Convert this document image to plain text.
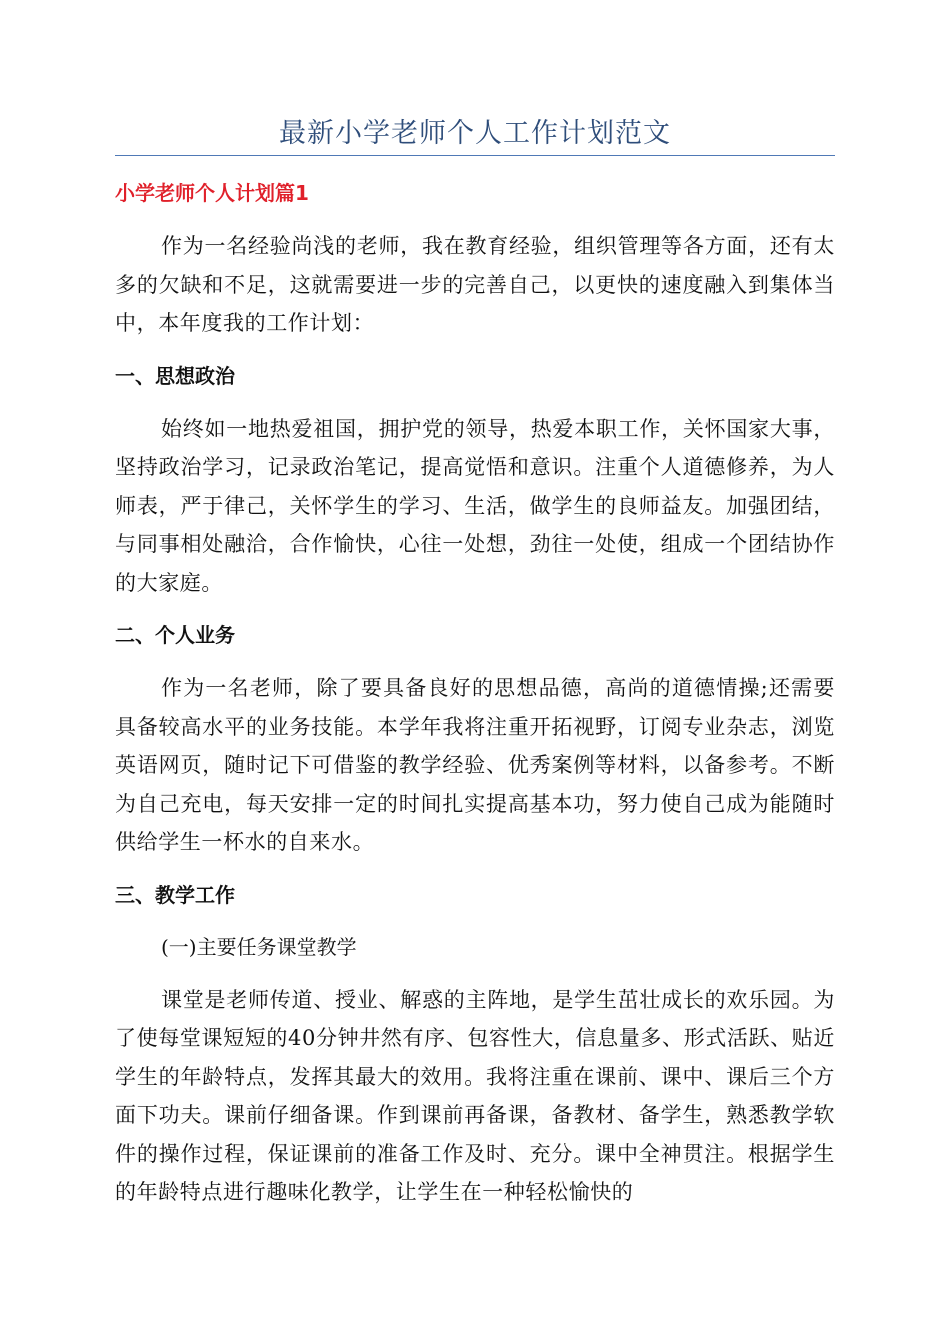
最新小学老师个人工作计划范文
小学老师个人计划篇1

作为一名经验尚浅的老师，我在教育经验，组织管理等各方面，还有太多的欠缺和不足，这就需要进一步的完善自己，以更快的速度融入到集体当中，本年度我的工作计划：

一、思想政治

始终如一地热爱祖国，拥护党的领导，热爱本职工作，关怀国家大事，坚持政治学习，记录政治笔记，提高觉悟和意识。注重个人道德修养，为人师表，严于律己，关怀学生的学习、生活，做学生的良师益友。加强团结，与同事相处融洽，合作愉快，心往一处想，劲往一处使，组成一个团结协作的大家庭。

二、个人业务

作为一名老师，除了要具备良好的思想品德，高尚的道德情操;还需要具备较高水平的业务技能。本学年我将注重开拓视野，订阅专业杂志，浏览英语网页，随时记下可借鉴的教学经验、优秀案例等材料，以备参考。不断为自己充电，每天安排一定的时间扎实提高基本功，努力使自己成为能随时供给学生一杯水的自来水。

三、教学工作
(一)主要任务课堂教学

课堂是老师传道、授业、解惑的主阵地，是学生茁壮成长的欢乐园。为了使每堂课短短的40分钟井然有序、包容性大，信息量多、形式活跃、贴近学生的年龄特点，发挥其最大的效用。我将注重在课前、课中、课后三个方面下功夫。课前仔细备课。作到课前再备课，备教材、备学生，熟悉教学软件的操作过程，保证课前的准备工作及时、充分。课中全神贯注。根据学生的年龄特点进行趣味化教学，让学生在一种轻松愉快的
